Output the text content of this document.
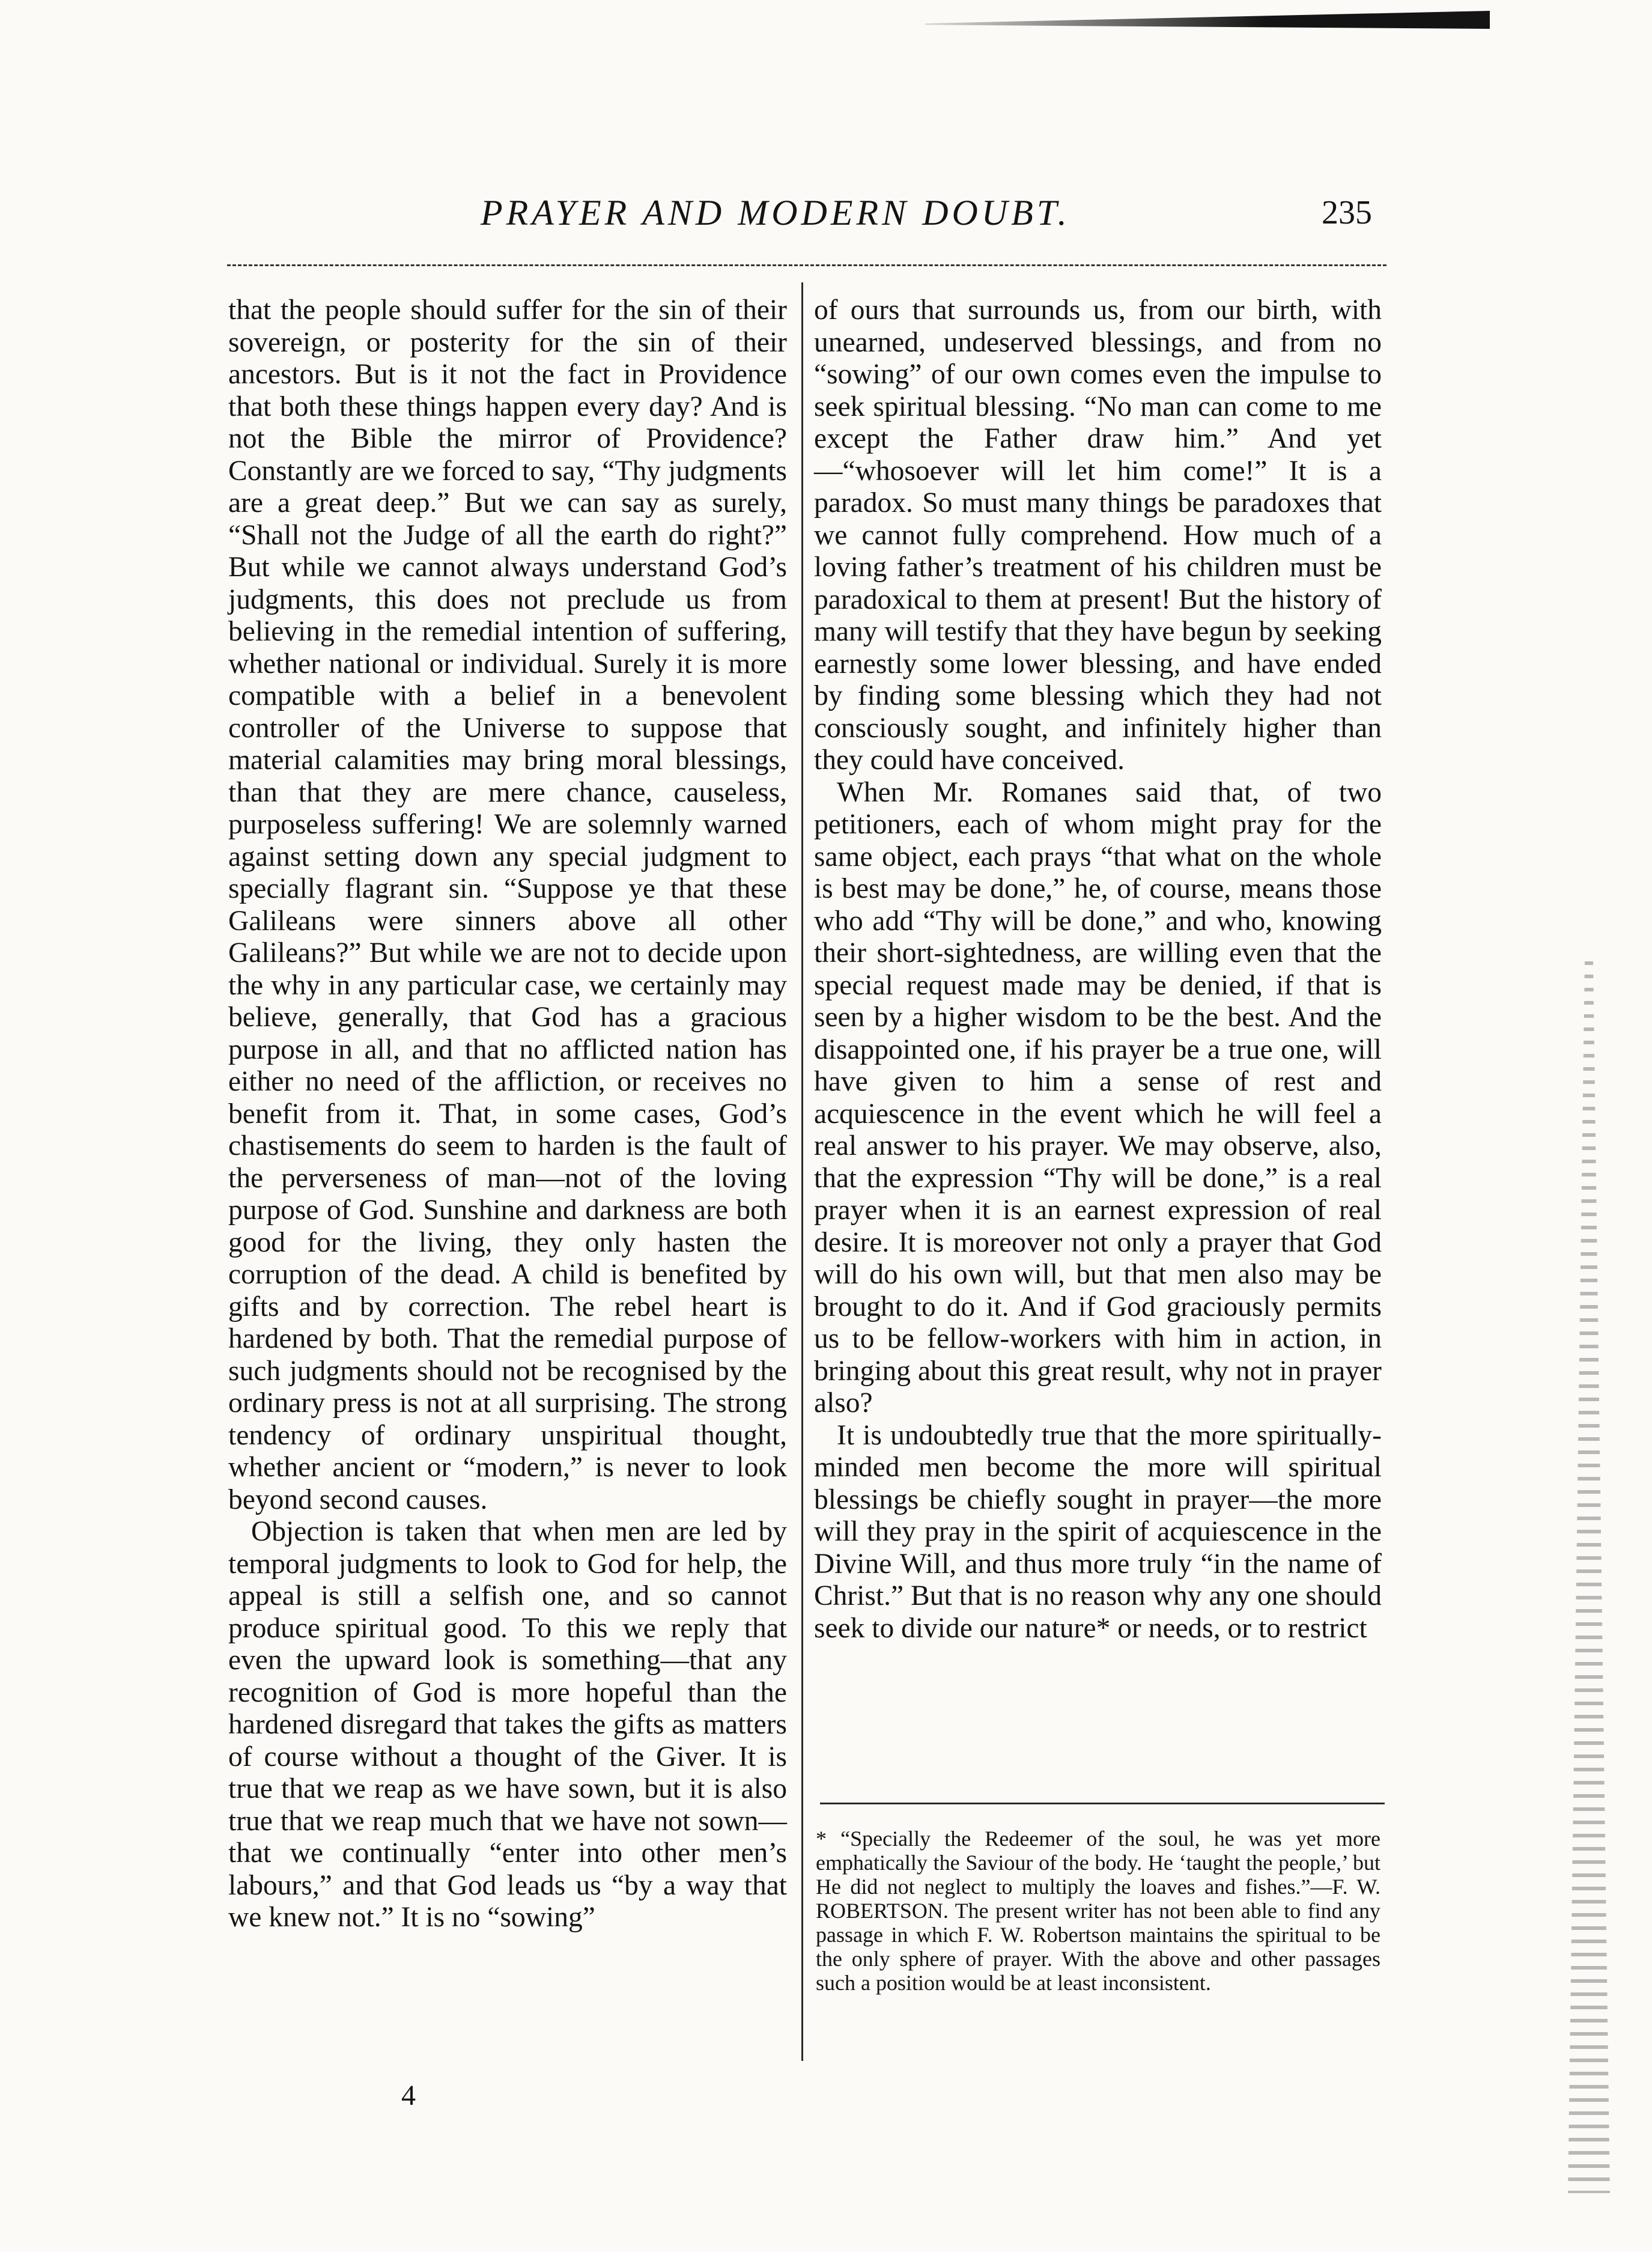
PRAYER AND MODERN DOUBT.	235

that the people should suffer for the sin of their sovereign, or posterity for the sin of their ancestors. But is it not the fact in Providence that both these things happen every day? And is not the Bible the mirror of Providence? Constantly are we forced to say, “Thy judgments are a great deep.” But we can say as surely, “Shall not the Judge of all the earth do right?” But while we cannot always understand God’s judgments, this does not preclude us from believing in the remedial intention of suffering, whether national or individual. Surely it is more compatible with a belief in a benevolent controller of the Universe to suppose that material calamities may bring moral blessings, than that they are mere chance, causeless, purposeless suffering! We are solemnly warned against setting down any special judgment to specially flagrant sin. “Suppose ye that these Galileans were sinners above all other Galileans?” But while we are not to decide upon the why in any particular case, we certainly may believe, generally, that God has a gracious purpose in all, and that no afflicted nation has either no need of the affliction, or receives no benefit from it. That, in some cases, God’s chastisements do seem to harden is the fault of the perverseness of man—not of the loving purpose of God. Sunshine and darkness are both good for the living, they only hasten the corruption of the dead. A child is benefited by gifts and by correction. The rebel heart is hardened by both. That the remedial purpose of such judgments should not be recognised by the ordinary press is not at all surprising. The strong tendency of ordinary unspiritual thought, whether ancient or “modern,” is never to look beyond second causes.

Objection is taken that when men are led by temporal judgments to look to God for help, the appeal is still a selfish one, and so cannot produce spiritual good. To this we reply that even the upward look is something—that any recognition of God is more hopeful than the hardened disregard that takes the gifts as matters of course without a thought of the Giver. It is true that we reap as we have sown, but it is also true that we reap much that we have not sown—that we continually “enter into other men’s labours,” and that God leads us “by a way that we knew not.” It is no “sowing”

of ours that surrounds us, from our birth, with unearned, undeserved blessings, and from no “sowing” of our own comes even the impulse to seek spiritual blessing. “No man can come to me except the Father draw him.” And yet—“whosoever will let him come!” It is a paradox. So must many things be paradoxes that we cannot fully comprehend. How much of a loving father’s treatment of his children must be paradoxical to them at present! But the history of many will testify that they have begun by seeking earnestly some lower blessing, and have ended by finding some blessing which they had not consciously sought, and infinitely higher than they could have conceived.

When Mr. Romanes said that, of two petitioners, each of whom might pray for the same object, each prays “that what on the whole is best may be done,” he, of course, means those who add “Thy will be done,” and who, knowing their short-sightedness, are willing even that the special request made may be denied, if that is seen by a higher wisdom to be the best. And the disappointed one, if his prayer be a true one, will have given to him a sense of rest and acquiescence in the event which he will feel a real answer to his prayer. We may observe, also, that the expression “Thy will be done,” is a real prayer when it is an earnest expression of real desire. It is moreover not only a prayer that God will do his own will, but that men also may be brought to do it. And if God graciously permits us to be fellow-workers with him in action, in bringing about this great result, why not in prayer also?

It is undoubtedly true that the more spiritually-minded men become the more will spiritual blessings be chiefly sought in prayer—the more will they pray in the spirit of acquiescence in the Divine Will, and thus more truly “in the name of Christ.” But that is no reason why any one should seek to divide our nature* or needs, or to restrict

* “Specially the Redeemer of the soul, he was yet more emphatically the Saviour of the body. He ‘taught the people,’ but He did not neglect to multiply the loaves and fishes.”—F. W. ROBERTSON. The present writer has not been able to find any passage in which F. W. Robertson maintains the spiritual to be the only sphere of prayer. With the above and other passages such a position would be at least inconsistent.
4
